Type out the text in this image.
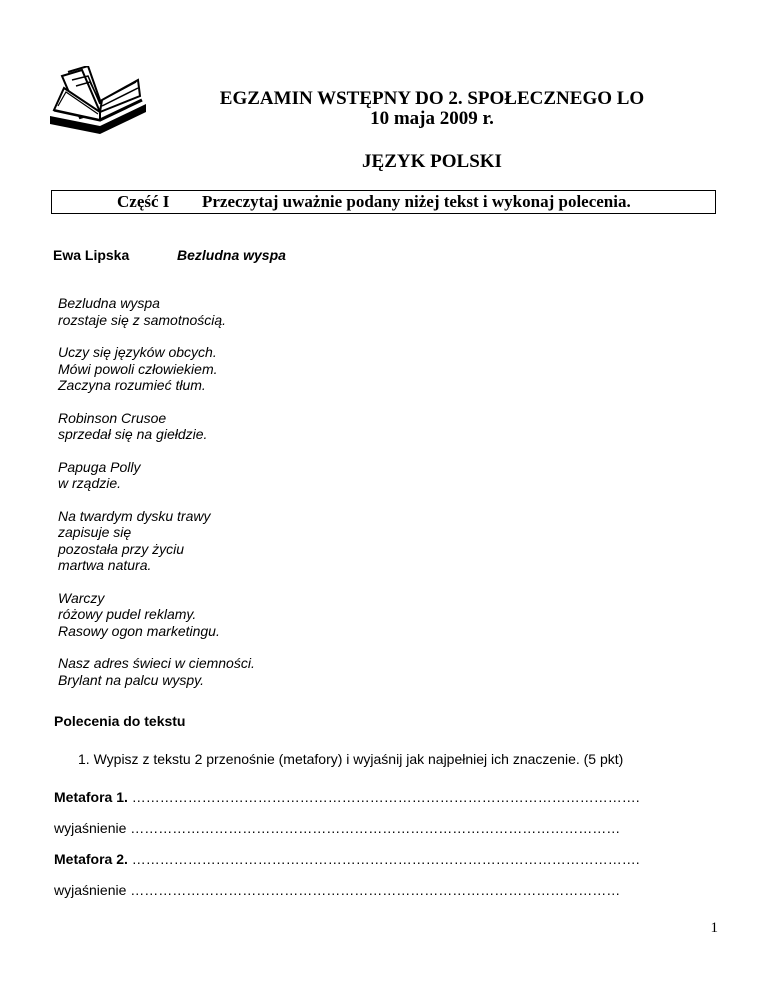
EGZAMIN WSTĘPNY DO 2. SPOŁECZNEGO LO
10 maja 2009 r.
JĘZYK POLSKI
Część I Przeczytaj uważnie podany niżej tekst i wykonaj polecenia.
Ewa Lipska	Bezludna wyspa
Bezludna wyspa
rozstaje się z samotnością.
Uczy się języków obcych.
Mówi powoli człowiekiem.
Zaczyna rozumieć tłum.
Robinson Crusoe
sprzedał się na giełdzie.
Papuga Polly
w rządzie.
Na twardym dysku trawy
zapisuje się
pozostała przy życiu
martwa natura.
Warczy
różowy pudel reklamy.
Rasowy ogon marketingu.
Nasz adres świeci w ciemności.
Brylant na palcu wyspy.
Polecenia do tekstu
1. Wypisz z tekstu 2 przenośnie (metafory) i wyjaśnij jak najpełniej ich znaczenie. (5 pkt)
Metafora 1. ……………………………………………………………………………………………….
wyjaśnienie ……………………………………………………………………………………………
Metafora 2. ……………………………………………………………………………………………….
wyjaśnienie ……………………………………………………………………………………………
1
